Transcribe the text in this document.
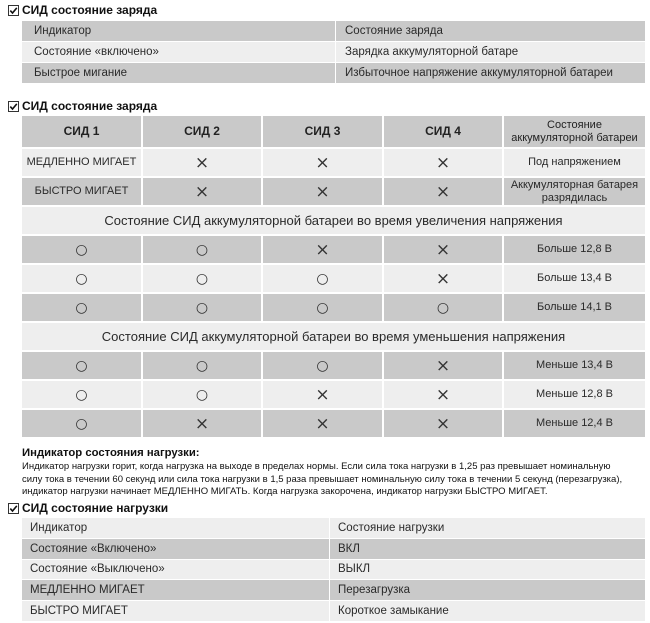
СИД состояние заряда
Индикатор	Состояние заряда
Состояние «включено»	Зарядка аккумуляторной батаре
Быстрое мигание	Избыточное напряжение аккумуляторной батареи
СИД состояние заряда
СИД 1	СИД 2	СИД 3	СИД 4	Состояние
аккумуляторной батареи
МЕДЛЕННО МИГАЕТ	×	×	×	Под напряжением
БЫСТРО МИГАЕТ	×	×	×	Аккумуляторная батарея
разрядилась
Состояние СИД аккумуляторной батареи во время увеличения напряжения
○	○	×	×	Больше 12,8 В
○	○	○	×	Больше 13,4 В
○	○	○	○	Больше 14,1 В
Состояние СИД аккумуляторной батареи во время уменьшения напряжения
○	○	○	×	Меньше 13,4 В
○	○	×	×	Меньше 12,8 В
○	×	×	×	Меньше 12,4 В
Индикатор состояния нагрузки:
Индикатор нагрузки горит, когда нагрузка на выходе в пределах нормы. Если сила тока нагрузки в 1,25 раз превышает номинальную
силу тока в течении 60 секунд или сила тока нагрузки в 1,5 раза превышает номинальную силу тока в течении 5 секунд (перезагрузка),
индикатор нагрузки начинает МЕДЛЕННО МИГАТЬ. Когда нагрузка закорочена, индикатор нагрузки БЫСТРО МИГАЕТ.
СИД состояние нагрузки
Индикатор	Состояние нагрузки
Состояние «Включено»	ВКЛ
Состояние «Выключено»	ВЫКЛ
МЕДЛЕННО МИГАЕТ	Перезагрузка
БЫСТРО МИГАЕТ	Короткое замыкание
